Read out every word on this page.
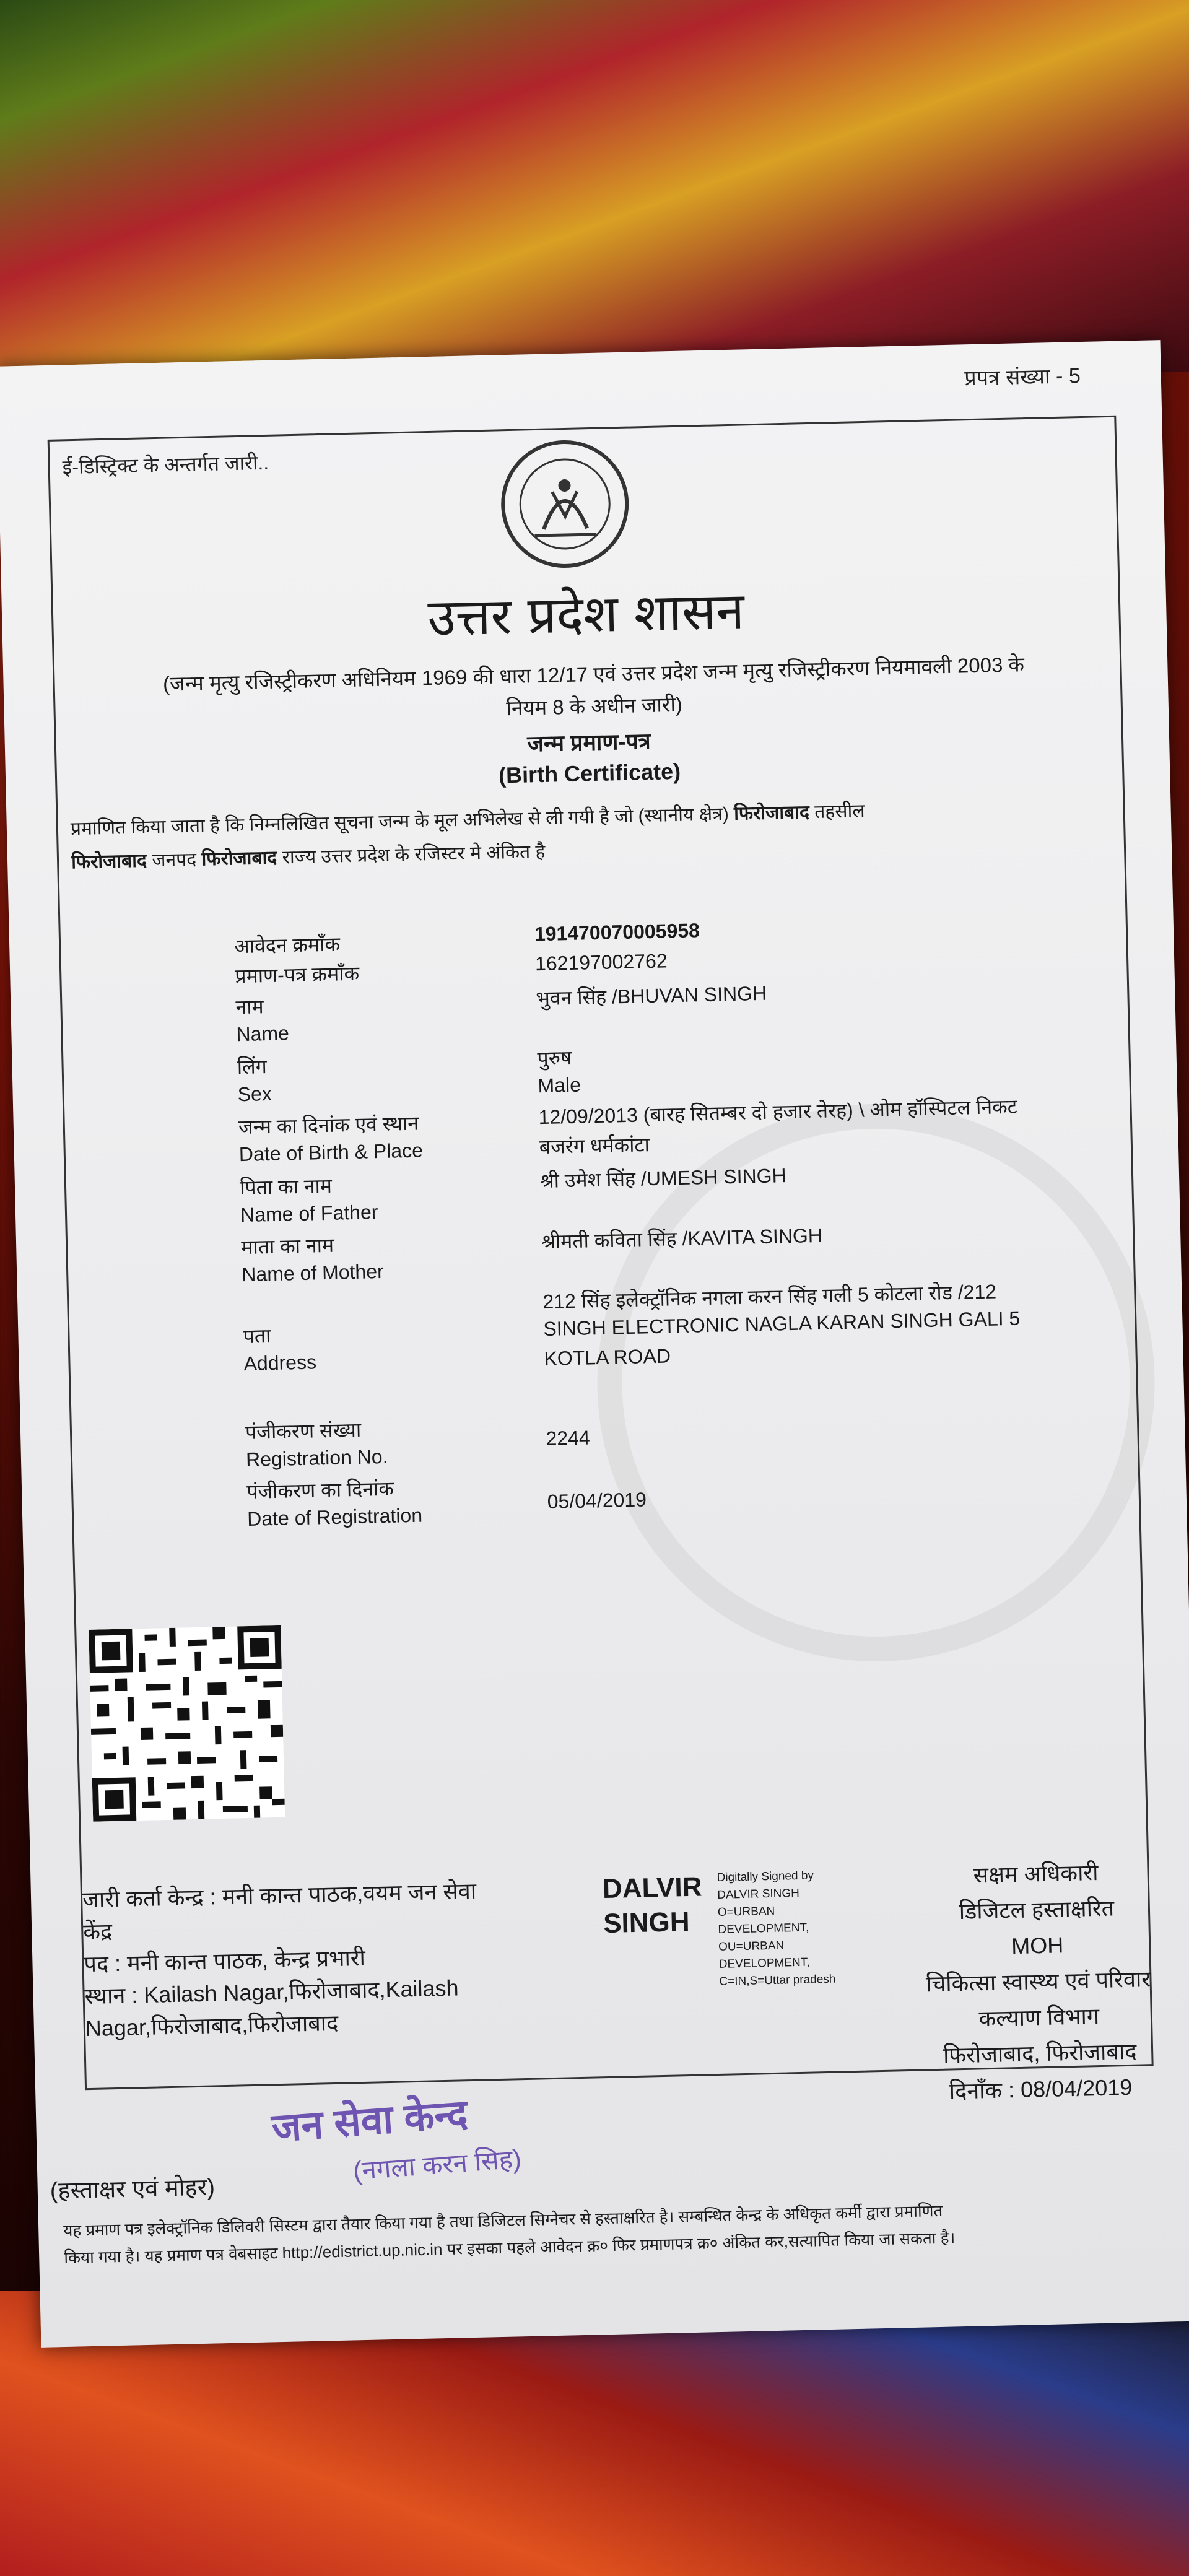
प्रपत्र संख्या - 5
ई-डिस्ट्रिक्ट के अन्तर्गत जारी..
उत्तर प्रदेश शासन
(जन्म मृत्यु रजिस्ट्रीकरण अधिनियम 1969 की धारा 12/17 एवं उत्तर प्रदेश जन्म मृत्यु रजिस्ट्रीकरण नियमावली 2003 के
नियम 8 के अधीन जारी)
जन्म प्रमाण-पत्र
(Birth Certificate)
प्रमाणित किया जाता है कि निम्नलिखित सूचना जन्म के मूल अभिलेख से ली गयी है जो (स्थानीय क्षेत्र) फिरोजाबाद तहसील
फिरोजाबाद जनपद फिरोजाबाद राज्य उत्तर प्रदेश के रजिस्टर मे अंकित है
आवेदन क्रमाँक
191470070005958
प्रमाण-पत्र क्रमाँक	162197002762
नाम
Name
भुवन सिंह /BHUVAN SINGH
लिंग
Sex
पुरुष
Male
जन्म का दिनांक एवं स्थान
Date of Birth & Place
12/09/2013 (बारह सितम्बर दो हजार तेरह) \ ओम हॉस्पिटल निकट
बजरंग धर्मकांटा
पिता का नाम
Name of Father
श्री उमेश सिंह /UMESH SINGH
माता का नाम
Name of Mother
श्रीमती कविता सिंह /KAVITA SINGH
पता
Address
212 सिंह इलेक्ट्रॉनिक नगला करन सिंह गली 5 कोटला रोड /212
SINGH ELECTRONIC NAGLA KARAN SINGH GALI 5
KOTLA ROAD
पंजीकरण संख्या
Registration No.
2244
पंजीकरण का दिनांक
Date of Registration
05/04/2019
जारी कर्ता केन्द्र : मनी कान्त पाठक,वयम जन सेवा
केंद्र
पद : मनी कान्त पाठक, केन्द्र प्रभारी
स्थान : Kailash Nagar,फिरोजाबाद,Kailash
Nagar,फिरोजाबाद,फिरोजाबाद
DALVIR
SINGH
Digitally Signed by
DALVIR SINGH
O=URBAN
DEVELOPMENT,
OU=URBAN
DEVELOPMENT,
C=IN,S=Uttar pradesh
सक्षम अधिकारी
डिजिटल हस्ताक्षरित
MOH
चिकित्सा स्वास्थ्य एवं परिवार
कल्याण विभाग
फिरोजाबाद, फिरोजाबाद
दिनाँक : 08/04/2019
(हस्ताक्षर एवं मोहर)
जन सेवा केन्द
(नगला करन सिह)
यह प्रमाण पत्र इलेक्ट्रॉनिक डिलिवरी सिस्टम द्वारा तैयार किया गया है तथा डिजिटल सिग्नेचर से हस्ताक्षरित है। सम्बन्धित केन्द्र के अधिकृत कर्मी द्वारा प्रमाणित
किया गया है। यह प्रमाण पत्र वेबसाइट http://edistrict.up.nic.in पर इसका पहले आवेदन क्र० फिर प्रमाणपत्र क्र० अंकित कर,सत्यापित किया जा सकता है।
